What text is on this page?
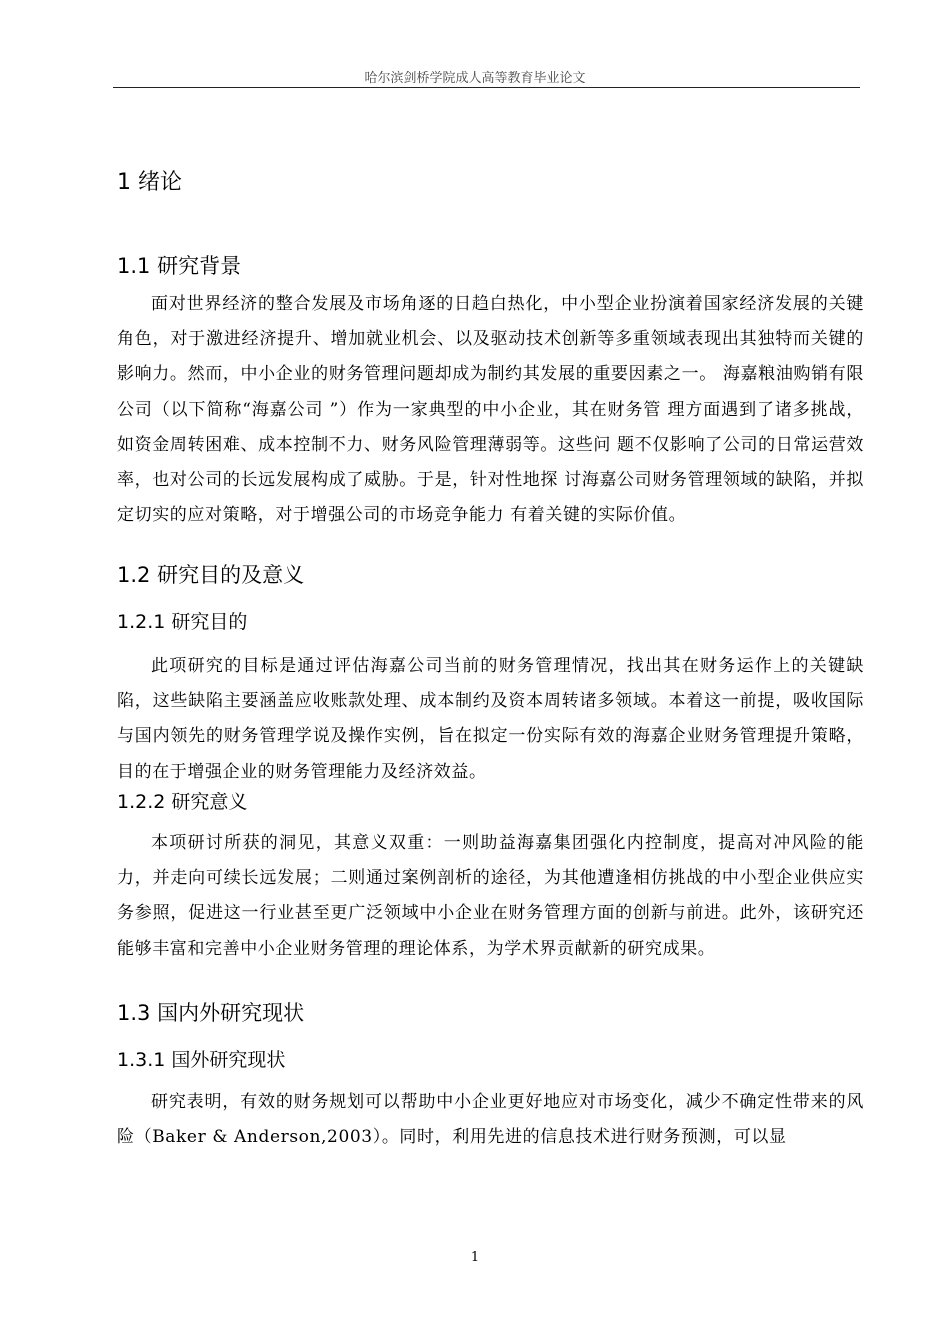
哈尔滨剑桥学院成人高等教育毕业论文
1 绪论
1.1 研究背景

面对世界经济的整合发展及市场角逐的日趋白热化，中小型企业扮演着国家经济发展的关键角色，对于激进经济提升、增加就业机会、以及驱动技术创新等多重领域表现出其独特而关键的影响力。然而，中小企业的财务管理问题却成为制约其发展的重要因素之一。 海嘉粮油购销有限公司（以下简称“海嘉公司 ”）作为一家典型的中小企业，其在财务管 理方面遇到了诸多挑战，如资金周转困难、成本控制不力、财务风险管理薄弱等。这些问 题不仅影响了公司的日常运营效率，也对公司的长远发展构成了威胁。于是，针对性地探 讨海嘉公司财务管理领域的缺陷，并拟定切实的应对策略，对于增强公司的市场竞争能力 有着关键的实际价值。

1.2 研究目的及意义
1.2.1 研究目的

此项研究的目标是通过评估海嘉公司当前的财务管理情况，找出其在财务运作上的关键缺陷，这些缺陷主要涵盖应收账款处理、成本制约及资本周转诸多领域。本着这一前提，吸收国际与国内领先的财务管理学说及操作实例，旨在拟定一份实际有效的海嘉企业财务管理提升策略， 目的在于增强企业的财务管理能力及经济效益。

1.2.2 研究意义

本项研讨所获的洞见，其意义双重：一则助益海嘉集团强化内控制度，提高对冲风险的能力，并走向可续长远发展；二则通过案例剖析的途径，为其他遭逢相仿挑战的中小型企业供应实务参照，促进这一行业甚至更广泛领域中小企业在财务管理方面的创新与前进。此外，该研究还能够丰富和完善中小企业财务管理的理论体系，为学术界贡献新的研究成果。

1.3 国内外研究现状
1.3.1 国外研究现状

研究表明，有效的财务规划可以帮助中小企业更好地应对市场变化，减少不确定性带来的风险（Baker & Anderson,2003）。同时，利用先进的信息技术进行财务预测，可以显

1
